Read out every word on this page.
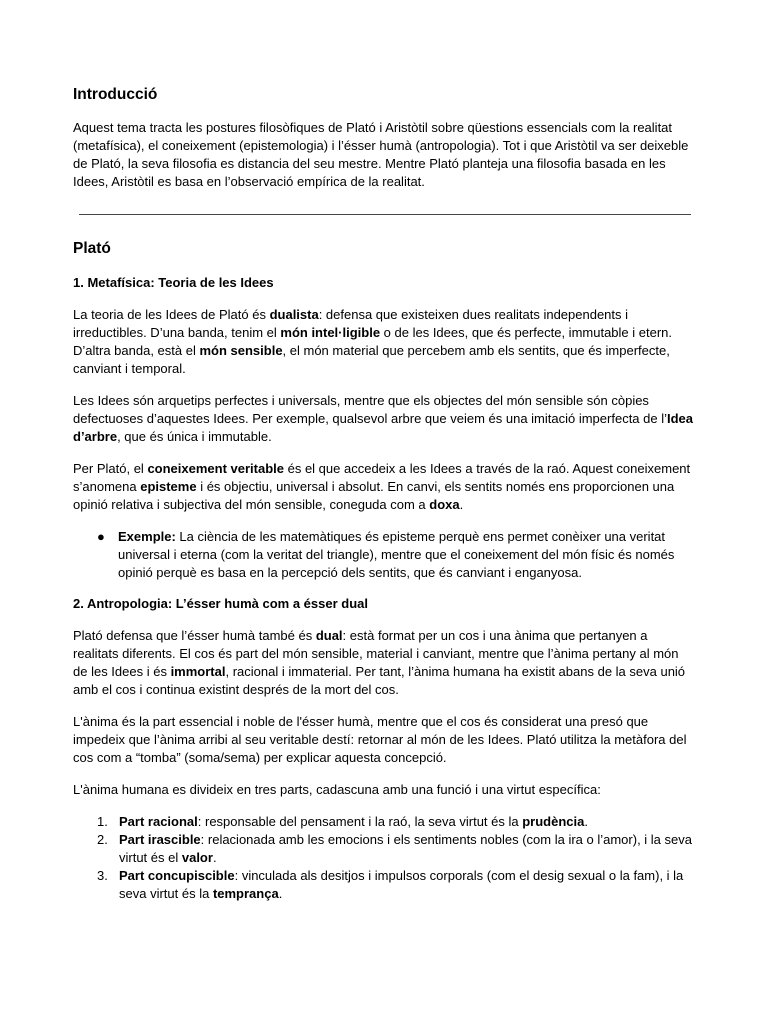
Introducció

Aquest tema tracta les postures filosòfiques de Plató i Aristòtil sobre qüestions essencials com la realitat (metafísica), el coneixement (epistemologia) i l’ésser humà (antropologia). Tot i que Aristòtil va ser deixeble de Plató, la seva filosofia es distancia del seu mestre. Mentre Plató planteja una filosofia basada en les Idees, Aristòtil es basa en l’observació empírica de la realitat.

Plató
1. Metafísica: Teoria de les Idees

La teoria de les Idees de Plató és dualista: defensa que existeixen dues realitats independents i irreductibles. D’una banda, tenim el món intel·ligible o de les Idees, que és perfecte, immutable i etern. D’altra banda, està el món sensible, el món material que percebem amb els sentits, que és imperfecte, canviant i temporal.

Les Idees són arquetips perfectes i universals, mentre que els objectes del món sensible són còpies defectuoses d’aquestes Idees. Per exemple, qualsevol arbre que veiem és una imitació imperfecta de l’Idea d’arbre, que és única i immutable.

Per Plató, el coneixement veritable és el que accedeix a les Idees a través de la raó. Aquest coneixement s’anomena episteme i és objectiu, universal i absolut. En canvi, els sentits només ens proporcionen una opinió relativa i subjectiva del món sensible, coneguda com a doxa.

● Exemple: La ciència de les matemàtiques és episteme perquè ens permet conèixer una veritat universal i eterna (com la veritat del triangle), mentre que el coneixement del món físic és només opinió perquè es basa en la percepció dels sentits, que és canviant i enganyosa.
2. Antropologia: L’ésser humà com a ésser dual

Plató defensa que l’ésser humà també és dual: està format per un cos i una ànima que pertanyen a realitats diferents. El cos és part del món sensible, material i canviant, mentre que l’ànima pertany al món de les Idees i és immortal, racional i immaterial. Per tant, l’ànima humana ha existit abans de la seva unió amb el cos i continua existint després de la mort del cos.

L'ànima és la part essencial i noble de l'ésser humà, mentre que el cos és considerat una presó que impedeix que l’ànima arribi al seu veritable destí: retornar al món de les Idees. Plató utilitza la metàfora del cos com a “tomba” (soma/sema) per explicar aquesta concepció.

L'ànima humana es divideix en tres parts, cadascuna amb una funció i una virtut específica:

1. Part racional: responsable del pensament i la raó, la seva virtut és la prudència.
2. Part irascible: relacionada amb les emocions i els sentiments nobles (com la ira o l’amor), i la seva virtut és el valor.
3. Part concupiscible: vinculada als desitjos i impulsos corporals (com el desig sexual o la fam), i la seva virtut és la temprança.
